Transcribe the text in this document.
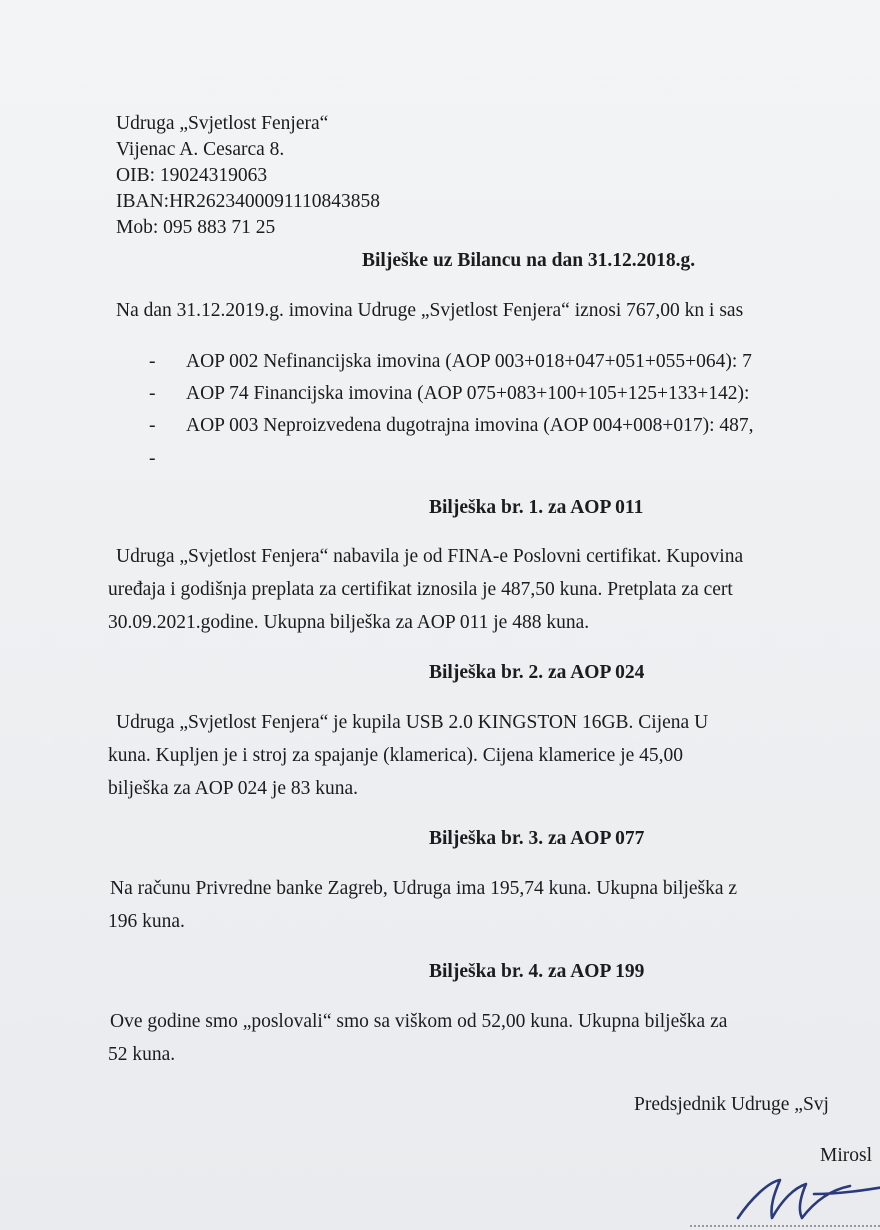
Udruga „Svjetlost Fenjera“
Vijenac A. Cesarca 8.
OIB: 19024319063
IBAN:HR2623400091110843858
Mob: 095 883 71 25
Bilješke uz Bilancu na dan 31.12.2018.g.
Na dan 31.12.2019.g. imovina Udruge „Svjetlost Fenjera“ iznosi 767,00 kn i sas
- AOP 002 Nefinancijska imovina (AOP 003+018+047+051+055+064): 7
- AOP 74 Financijska imovina (AOP 075+083+100+105+125+133+142):
- AOP 003 Neproizvedena dugotrajna imovina (AOP 004+008+017): 487,
-
Bilješka br. 1. za AOP 011
Udruga „Svjetlost Fenjera“ nabavila je od FINA-e Poslovni certifikat. Kupovina
uređaja i godišnja preplata za certifikat iznosila je 487,50 kuna. Pretplata za cert
30.09.2021.godine. Ukupna bilješka za AOP 011 je 488 kuna.
Bilješka br. 2. za AOP 024
Udruga „Svjetlost Fenjera“ je kupila USB 2.0 KINGSTON 16GB. Cijena U
kuna. Kupljen je i stroj za spajanje (klamerica). Cijena klamerice je 45,00
bilješka za AOP 024 je 83 kuna.
Bilješka br. 3. za AOP 077
Na računu Privredne banke Zagreb, Udruga ima 195,74 kuna. Ukupna bilješka z
196 kuna.
Bilješka br. 4. za AOP 199
Ove godine smo „poslovali“ smo sa viškom od 52,00 kuna. Ukupna bilješka za
52 kuna.
Predsjednik Udruge „Svj
Mirosl
